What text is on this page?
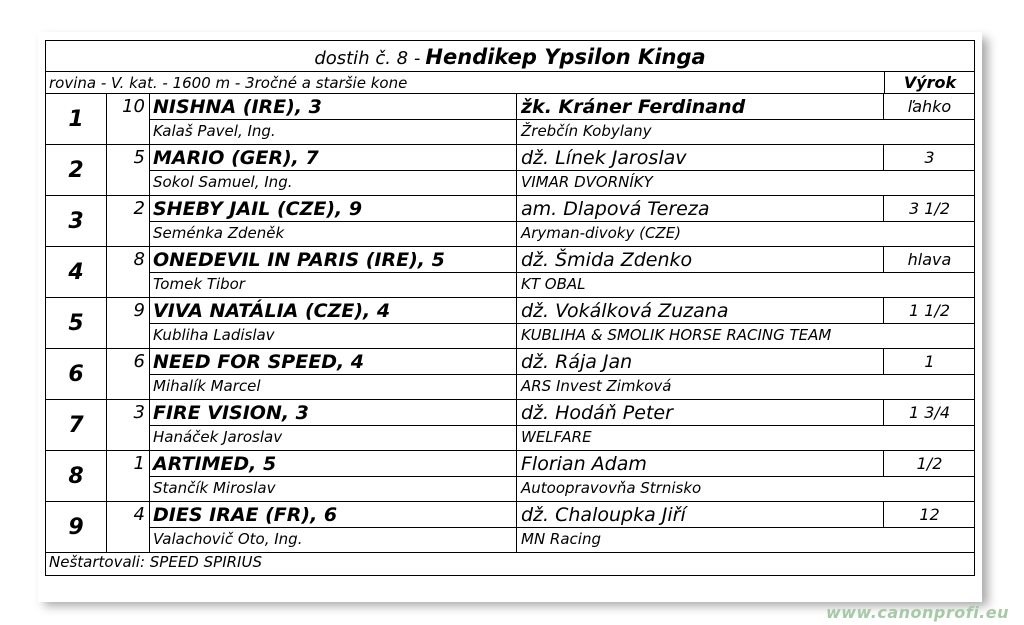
dostih č. 8 - Hendikep Ypsilon Kinga
rovina - V. kat. - 1600 m - 3ročné a staršie kone	Výrok
1
10 NISHNA (IRE), 3	žk. Kráner Ferdinand	ľahko
Kalaš Pavel, Ing.	Žrebčín Kobylany
2
5 MARIO (GER), 7	dž. Línek Jaroslav	3
Sokol Samuel, Ing.	VIMAR DVORNÍKY
3
2 SHEBY JAIL (CZE), 9	am. Dlapová Tereza	3 1/2
Seménka Zdeněk	Aryman-divoky (CZE)
4
8 ONEDEVIL IN PARIS (IRE), 5	dž. Šmida Zdenko	hlava
Tomek Tibor	KT OBAL
5
9 VIVA NATÁLIA (CZE), 4	dž. Vokálková Zuzana	1 1/2
Kubliha Ladislav	KUBLIHA & SMOLIK HORSE RACING TEAM
6
6 NEED FOR SPEED, 4	dž. Rája Jan	1
Mihalík Marcel	ARS Invest Zimková
7
3 FIRE VISION, 3	dž. Hodáň Peter	1 3/4
Hanáček Jaroslav	WELFARE
8
1 ARTIMED, 5	Florian Adam	1/2
Stančík Miroslav	Autoopravovňa Strnisko
9
4 DIES IRAE (FR), 6	dž. Chaloupka Jiří	12
Valachovič Oto, Ing.	MN Racing
Neštartovali: SPEED SPIRIUS
www.canonprofi.eu
